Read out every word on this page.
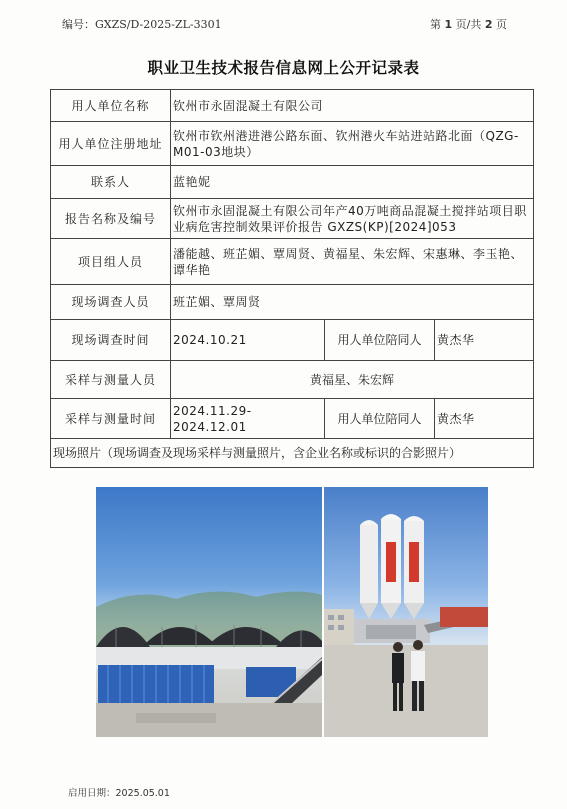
编号：GXZS/D-2025-ZL-3301	第 1 页/共 2 页
职业卫生技术报告信息网上公开记录表
用人单位名称	钦州市永固混凝土有限公司		
用人单位注册地址	钦州市钦州港进港公路东面、钦州港火车站进站路北面（QZG-M01-03地块）		
联系人	蓝艳妮		
报告名称及编号	钦州市永固混凝土有限公司年产40万吨商品混凝土搅拌站项目职业病危害控制效果评价报告 GXZS(KP)[2024]053		
项目组人员	潘能越、班芷媚、覃周贤、黄福星、朱宏辉、宋惠琳、李玉艳、谭华艳		
现场调查人员	班芷媚、覃周贤		
现场调查时间	2024.10.21	用人单位陪同人	黄杰华
采样与测量人员	黄福星、朱宏辉		
采样与测量时间	2024.11.29-2024.12.01	用人单位陪同人	黄杰华
现场照片（现场调查及现场采样与测量照片，含企业名称或标识的合影照片）			
启用日期：2025.05.01
